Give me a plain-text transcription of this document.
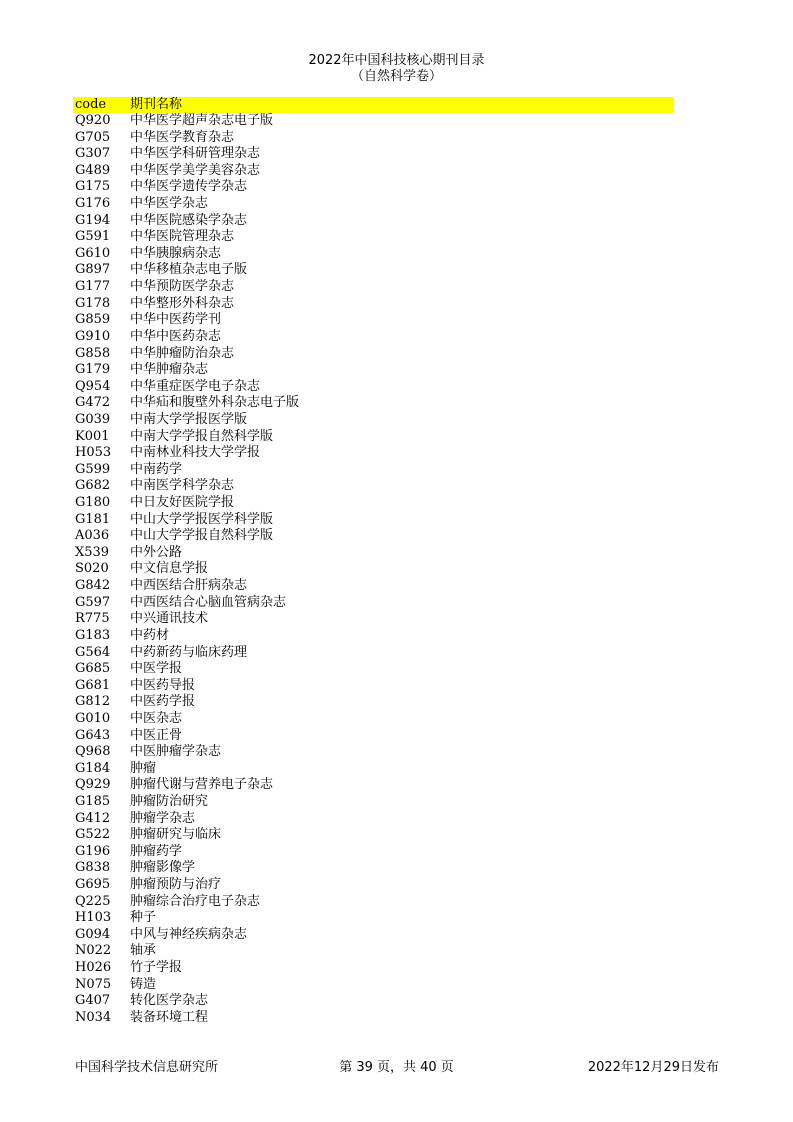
2022年中国科技核心期刊目录
（自然科学卷）
code 期刊名称
Q920 中华医学超声杂志电子版
G705 中华医学教育杂志
G307 中华医学科研管理杂志
G489 中华医学美学美容杂志
G175 中华医学遗传学杂志
G176 中华医学杂志
G194 中华医院感染学杂志
G591 中华医院管理杂志
G610 中华胰腺病杂志
G897 中华移植杂志电子版
G177 中华预防医学杂志
G178 中华整形外科杂志
G859 中华中医药学刊
G910 中华中医药杂志
G858 中华肿瘤防治杂志
G179 中华肿瘤杂志
Q954 中华重症医学电子杂志
G472 中华疝和腹壁外科杂志电子版
G039 中南大学学报医学版
K001 中南大学学报自然科学版
H053 中南林业科技大学学报
G599 中南药学
G682 中南医学科学杂志
G180 中日友好医院学报
G181 中山大学学报医学科学版
A036 中山大学学报自然科学版
X539 中外公路
S020 中文信息学报
G842 中西医结合肝病杂志
G597 中西医结合心脑血管病杂志
R775 中兴通讯技术
G183 中药材
G564 中药新药与临床药理
G685 中医学报
G681 中医药导报
G812 中医药学报
G010 中医杂志
G643 中医正骨
Q968 中医肿瘤学杂志
G184 肿瘤
Q929 肿瘤代谢与营养电子杂志
G185 肿瘤防治研究
G412 肿瘤学杂志
G522 肿瘤研究与临床
G196 肿瘤药学
G838 肿瘤影像学
G695 肿瘤预防与治疗
Q225 肿瘤综合治疗电子杂志
H103 种子
G094 中风与神经疾病杂志
N022 轴承
H026 竹子学报
N075 铸造
G407 转化医学杂志
N034 装备环境工程
中国科学技术信息研究所	第 39 页，共 40 页	2022年12月29日发布
